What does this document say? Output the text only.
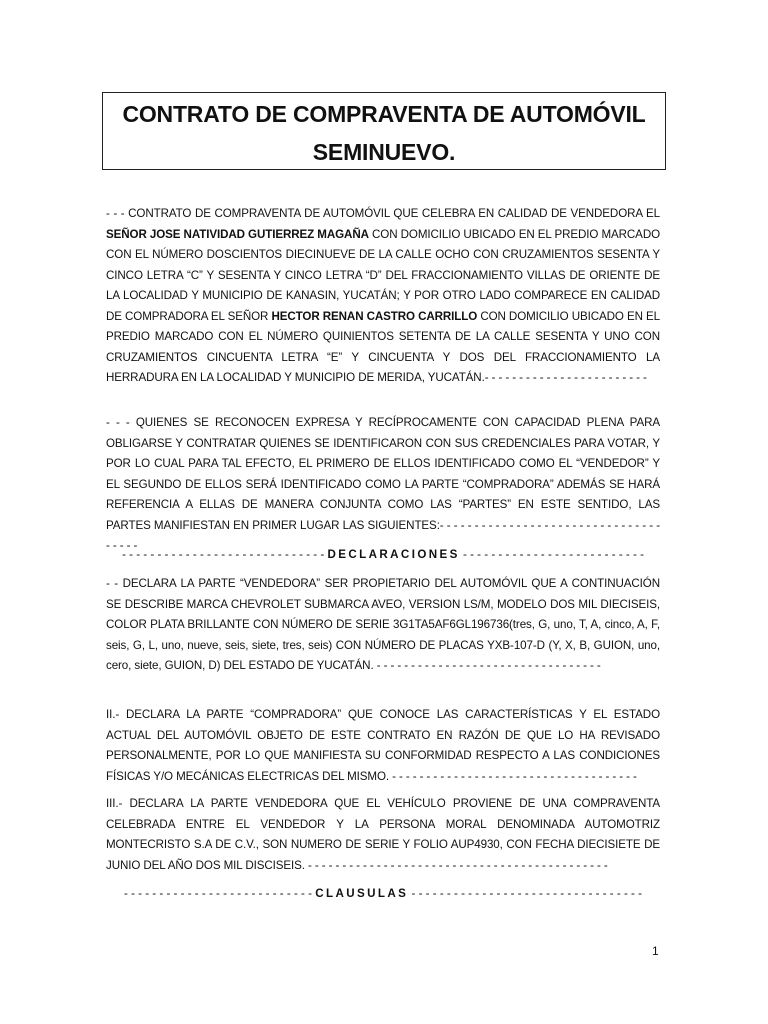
CONTRATO DE COMPRAVENTA DE AUTOMÓVIL
SEMINUEVO.
- - - CONTRATO DE COMPRAVENTA DE AUTOMÓVIL QUE CELEBRA EN CALIDAD DE VENDEDORA EL SEÑOR JOSE NATIVIDAD GUTIERREZ MAGAÑA CON DOMICILIO UBICADO EN EL PREDIO MARCADO CON EL NÚMERO DOSCIENTOS DIECINUEVE DE LA CALLE OCHO CON CRUZAMIENTOS SESENTA Y CINCO LETRA “C” Y SESENTA Y CINCO LETRA “D” DEL FRACCIONAMIENTO VILLAS DE ORIENTE DE LA LOCALIDAD Y MUNICIPIO DE KANASIN, YUCATÁN; Y POR OTRO LADO COMPARECE EN CALIDAD DE COMPRADORA EL SEÑOR HECTOR RENAN CASTRO CARRILLO CON DOMICILIO UBICADO EN EL PREDIO MARCADO CON EL NÚMERO QUINIENTOS SETENTA DE LA CALLE SESENTA Y UNO CON CRUZAMIENTOS CINCUENTA LETRA “E” Y CINCUENTA Y DOS DEL FRACCIONAMIENTO LA HERRADURA EN LA LOCALIDAD Y MUNICIPIO DE MERIDA, YUCATÁN.- - - - - - - - - - - - - - - - - - - - - - - -
- - - QUIENES SE RECONOCEN EXPRESA Y RECÍPROCAMENTE CON CAPACIDAD PLENA PARA OBLIGARSE Y CONTRATAR QUIENES SE IDENTIFICARON CON SUS CREDENCIALES PARA VOTAR, Y POR LO CUAL PARA TAL EFECTO, EL PRIMERO DE ELLOS IDENTIFICADO COMO EL “VENDEDOR” Y EL SEGUNDO DE ELLOS SERÁ IDENTIFICADO COMO LA PARTE “COMPRADORA” ADEMÁS SE HARÁ REFERENCIA A ELLAS DE MANERA CONJUNTA COMO LAS “PARTES” EN ESTE SENTIDO, LAS PARTES MANIFIESTAN EN PRIMER LUGAR LAS SIGUIENTES:- - - - - - - - - - - - - - - - - - - - - - - - - - - - - - - - - - - - -
- - - - - - - - - - - - - - - - - - - - - - - - - - - - - DECLARACIONES - - - - - - - - - - - - - - - - - - - - - - - - - -
- - DECLARA LA PARTE “VENDEDORA” SER PROPIETARIO DEL AUTOMÓVIL QUE A CONTINUACIÓN SE DESCRIBE MARCA CHEVROLET SUBMARCA AVEO, VERSION LS/M, MODELO DOS MIL DIECISEIS, COLOR PLATA BRILLANTE CON NÚMERO DE SERIE 3G1TA5AF6GL196736(tres, G, uno, T, A, cinco, A, F, seis, G, L, uno, nueve, seis, siete, tres, seis) CON NÚMERO DE PLACAS YXB-107-D (Y, X, B, GUION, uno, cero, siete, GUION, D) DEL ESTADO DE YUCATÁN. - - - - - - - - - - - - - - - - - - - - - - - - - - - - - - - - -
II.- DECLARA LA PARTE “COMPRADORA” QUE CONOCE LAS CARACTERÍSTICAS Y EL ESTADO ACTUAL DEL AUTOMÓVIL OBJETO DE ESTE CONTRATO EN RAZÓN DE QUE LO HA REVISADO PERSONALMENTE, POR LO QUE MANIFIESTA SU CONFORMIDAD RESPECTO A LAS CONDICIONES FÍSICAS Y/O MECÁNICAS ELECTRICAS DEL MISMO. - - - - - - - - - - - - - - - - - - - - - - - - - - - - - - - - - - - -
III.- DECLARA LA PARTE VENDEDORA QUE EL VEHÍCULO PROVIENE DE UNA COMPRAVENTA CELEBRADA ENTRE EL VENDEDOR Y LA PERSONA MORAL DENOMINADA AUTOMOTRIZ MONTECRISTO S.A DE C.V., SON NUMERO DE SERIE Y FOLIO AUP4930, CON FECHA DIECISIETE DE JUNIO DEL AÑO DOS MIL DISCISEIS. - - - - - - - - - - - - - - - - - - - - - - - - - - - - - - - - - - - - - - - - - - - -
- - - - - - - - - - - - - - - - - - - - - - - - - - - CLAUSULAS - - - - - - - - - - - - - - - - - - - - - - - - - - - - - - - - -
1
